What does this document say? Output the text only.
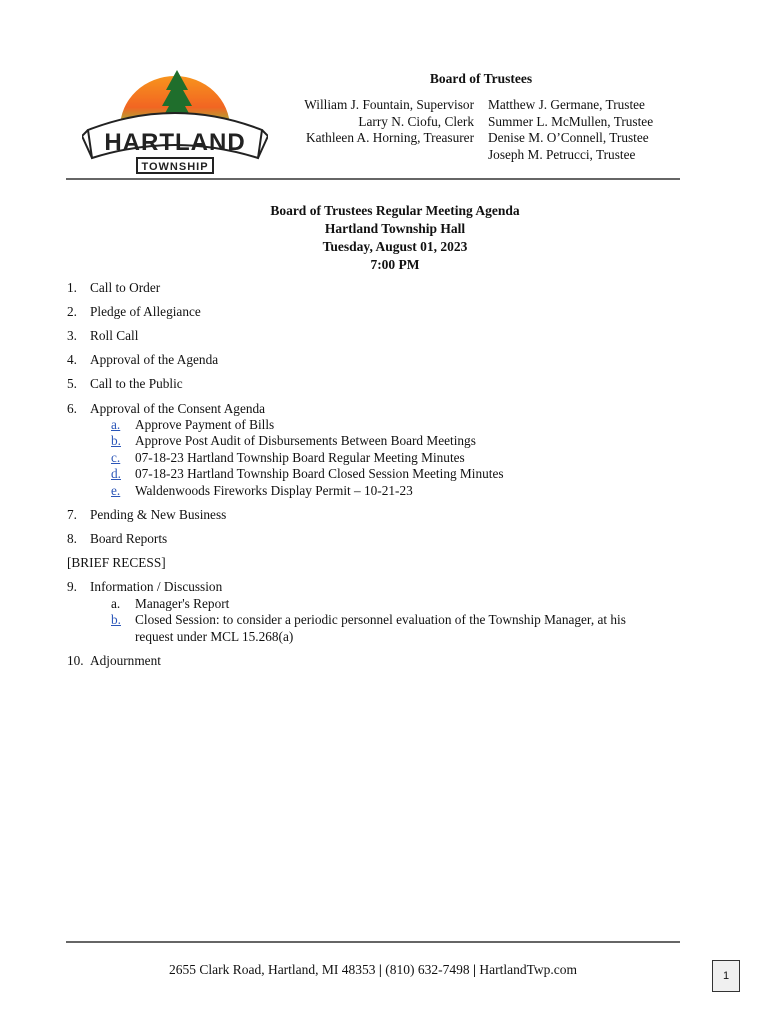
HARTLAND
TOWNSHIP
Board of Trustees
William J. Fountain, Supervisor
Larry N. Ciofu, Clerk
Kathleen A. Horning, Treasurer
Matthew J. Germane, Trustee
Summer L. McMullen, Trustee
Denise M. O’Connell, Trustee
Joseph M. Petrucci, Trustee
Board of Trustees Regular Meeting Agenda
Hartland Township Hall
Tuesday, August 01, 2023
7:00 PM
1. Call to Order
2. Pledge of Allegiance
3. Roll Call
4. Approval of the Agenda
5. Call to the Public
6. Approval of the Consent Agenda
a. Approve Payment of Bills
b. Approve Post Audit of Disbursements Between Board Meetings
c. 07-18-23 Hartland Township Board Regular Meeting Minutes
d. 07-18-23 Hartland Township Board Closed Session Meeting Minutes
e. Waldenwoods Fireworks Display Permit – 10-21-23
7. Pending & New Business
8. Board Reports
[BRIEF RECESS]
9. Information / Discussion
a. Manager's Report
b. Closed Session: to consider a periodic personnel evaluation of the Township Manager, at his request under MCL 15.268(a)
10. Adjournment
2655 Clark Road, Hartland, MI 48353 | (810) 632-7498 | HartlandTwp.com	1
